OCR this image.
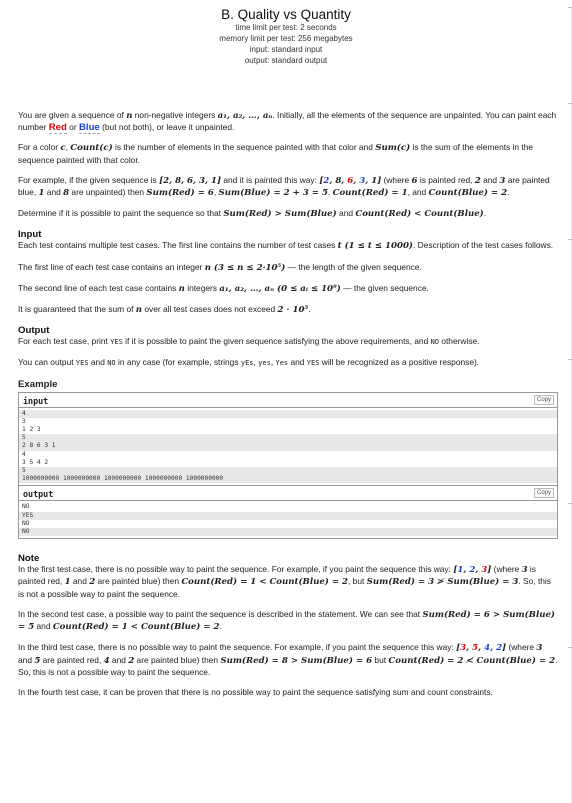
B. Quality vs Quantity
time limit per test: 2 seconds
memory limit per test: 256 megabytes
input: standard input
output: standard output

You are given a sequence of n non-negative integers a₁, a₂, …, aₙ. Initially, all the elements of the sequence are unpainted. You can paint each number Red or Blue (but not both), or leave it unpainted.

For a color c, Count(c) is the number of elements in the sequence painted with that color and Sum(c) is the sum of the elements in the sequence painted with that color.

For example, if the given sequence is [2, 8, 6, 3, 1] and it is painted this way: [2, 8, 6, 3, 1] (where 6 is painted red, 2 and 3 are painted blue, 1 and 8 are unpainted) then Sum(Red) = 6, Sum(Blue) = 2 + 3 = 5. Count(Red) = 1, and Count(Blue) = 2.

Determine if it is possible to paint the sequence so that Sum(Red) > Sum(Blue) and Count(Red) < Count(Blue).

Input

Each test contains multiple test cases. The first line contains the number of test cases t (1 ≤ t ≤ 1000). Description of the test cases follows.

The first line of each test case contains an integer n (3 ≤ n ≤ 2·10⁵) — the length of the given sequence.

The second line of each test case contains n integers a₁, a₂, …, aₙ (0 ≤ aᵢ ≤ 10⁹) — the given sequence.

It is guaranteed that the sum of n over all test cases does not exceed 2 · 10⁵.

Output

For each test case, print YES if it is possible to paint the given sequence satisfying the above requirements, and NO otherwise.

You can output YES and NO in any case (for example, strings yEs, yes, Yes and YES will be recognized as a positive response).

Example
input	Copy
4
3
1 2 3
5
2 8 6 3 1
4
3 5 4 2
5
1000000000 1000000000 1000000000 1000000000 1000000000
output	Copy
NO
YES
NO
NO
Note

In the first test case, there is no possible way to paint the sequence. For example, if you paint the sequence this way: [1, 2, 3] (where 3 is painted red, 1 and 2 are painted blue) then Count(Red) = 1 < Count(Blue) = 2, but Sum(Red) = 3 ≯ Sum(Blue) = 3. So, this is not a possible way to paint the sequence.

In the second test case, a possible way to paint the sequence is described in the statement. We can see that Sum(Red) = 6 > Sum(Blue) = 5 and Count(Red) = 1 < Count(Blue) = 2.

In the third test case, there is no possible way to paint the sequence. For example, if you paint the sequence this way: [3, 5, 4, 2] (where 3 and 5 are painted red, 4 and 2 are painted blue) then Sum(Red) = 8 > Sum(Blue) = 6 but Count(Red) = 2 ≮ Count(Blue) = 2. So, this is not a possible way to paint the sequence.

In the fourth test case, it can be proven that there is no possible way to paint the sequence satisfying sum and count constraints.
